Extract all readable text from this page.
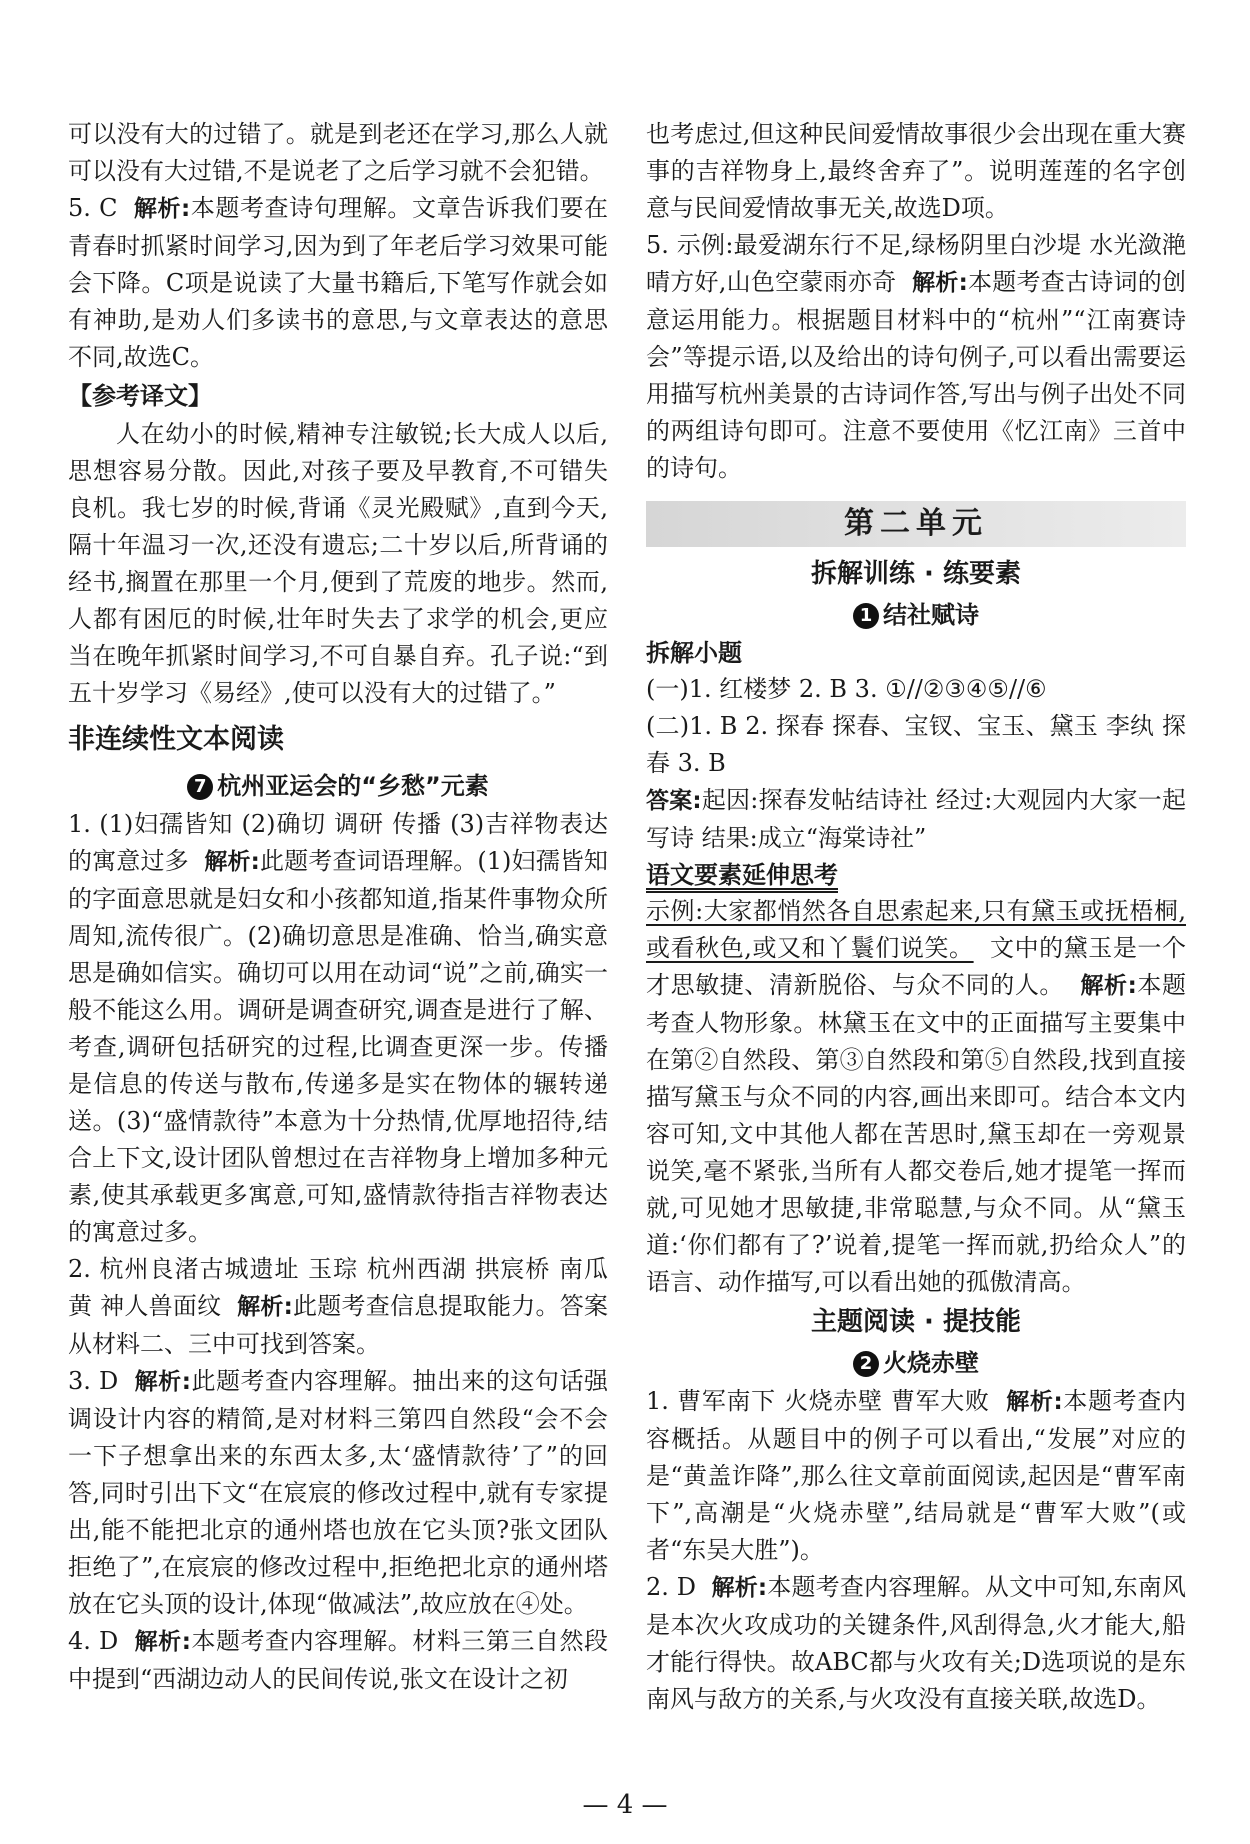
可以没有大的过错了。就是到老还在学习,那么人就可以没有大过错,不是说老了之后学习就不会犯错。

5. C 解析:本题考查诗句理解。文章告诉我们要在青春时抓紧时间学习,因为到了年老后学习效果可能会下降。C项是说读了大量书籍后,下笔写作就会如有神助,是劝人们多读书的意思,与文章表达的意思不同,故选C。

【参考译文】

人在幼小的时候,精神专注敏锐;长大成人以后,思想容易分散。因此,对孩子要及早教育,不可错失良机。我七岁的时候,背诵《灵光殿赋》,直到今天,隔十年温习一次,还没有遗忘;二十岁以后,所背诵的经书,搁置在那里一个月,便到了荒废的地步。然而,人都有困厄的时候,壮年时失去了求学的机会,更应当在晚年抓紧时间学习,不可自暴自弃。孔子说:“到五十岁学习《易经》,使可以没有大的过错了。”

非连续性文本阅读
7 杭州亚运会的“乡愁”元素

1. (1)妇孺皆知 (2)确切 调研 传播 (3)吉祥物表达的寓意过多 解析:此题考查词语理解。(1)妇孺皆知的字面意思就是妇女和小孩都知道,指某件事物众所周知,流传很广。(2)确切意思是准确、恰当,确实意思是确如信实。确切可以用在动词“说”之前,确实一般不能这么用。调研是调查研究,调查是进行了解、考查,调研包括研究的过程,比调查更深一步。传播是信息的传送与散布,传递多是实在物体的辗转递送。(3)“盛情款待”本意为十分热情,优厚地招待,结合上下文,设计团队曾想过在吉祥物身上增加多种元素,使其承载更多寓意,可知,盛情款待指吉祥物表达的寓意过多。

2. 杭州良渚古城遗址 玉琮 杭州西湖 拱宸桥 南瓜黄 神人兽面纹 解析:此题考查信息提取能力。答案从材料二、三中可找到答案。

3. D 解析:此题考查内容理解。抽出来的这句话强调设计内容的精简,是对材料三第四自然段“会不会一下子想拿出来的东西太多,太‘盛情款待’了”的回答,同时引出下文“在宸宸的修改过程中,就有专家提出,能不能把北京的通州塔也放在它头顶?张文团队拒绝了”,在宸宸的修改过程中,拒绝把北京的通州塔放在它头顶的设计,体现“做减法”,故应放在④处。

4. D 解析:本题考查内容理解。材料三第三自然段中提到“西湖边动人的民间传说,张文在设计之初

也考虑过,但这种民间爱情故事很少会出现在重大赛事的吉祥物身上,最终舍弃了”。说明莲莲的名字创意与民间爱情故事无关,故选D项。

5. 示例:最爱湖东行不足,绿杨阴里白沙堤 水光潋滟晴方好,山色空蒙雨亦奇 解析:本题考查古诗词的创意运用能力。根据题目材料中的“杭州”“江南赛诗会”等提示语,以及给出的诗句例子,可以看出需要运用描写杭州美景的古诗词作答,写出与例子出处不同的两组诗句即可。注意不要使用《忆江南》三首中的诗句。

第二单元
拆解训练 · 练要素
1 结社赋诗
拆解小题

(一)1. 红楼梦 2. B 3. ①//②③④⑤//⑥

(二)1. B 2. 探春 探春、宝钗、宝玉、黛玉 李纨 探春 3. B

答案:起因:探春发帖结诗社 经过:大观园内大家一起写诗 结果:成立“海棠诗社”

语文要素延伸思考

示例:大家都悄然各自思索起来,只有黛玉或抚梧桐,或看秋色,或又和丫鬟们说笑。 文中的黛玉是一个才思敏捷、清新脱俗、与众不同的人。 解析:本题考查人物形象。林黛玉在文中的正面描写主要集中在第②自然段、第③自然段和第⑤自然段,找到直接描写黛玉与众不同的内容,画出来即可。结合本文内容可知,文中其他人都在苦思时,黛玉却在一旁观景说笑,毫不紧张,当所有人都交卷后,她才提笔一挥而就,可见她才思敏捷,非常聪慧,与众不同。从“黛玉道:‘你们都有了?’说着,提笔一挥而就,扔给众人”的语言、动作描写,可以看出她的孤傲清高。

主题阅读 · 提技能
2 火烧赤壁

1. 曹军南下 火烧赤壁 曹军大败 解析:本题考查内容概括。从题目中的例子可以看出,“发展”对应的是“黄盖诈降”,那么往文章前面阅读,起因是“曹军南下”,高潮是“火烧赤壁”,结局就是“曹军大败”(或者“东吴大胜”)。

2. D 解析:本题考查内容理解。从文中可知,东南风是本次火攻成功的关键条件,风刮得急,火才能大,船才能行得快。故ABC都与火攻有关;D选项说的是东南风与敌方的关系,与火攻没有直接关联,故选D。

— 4 —
